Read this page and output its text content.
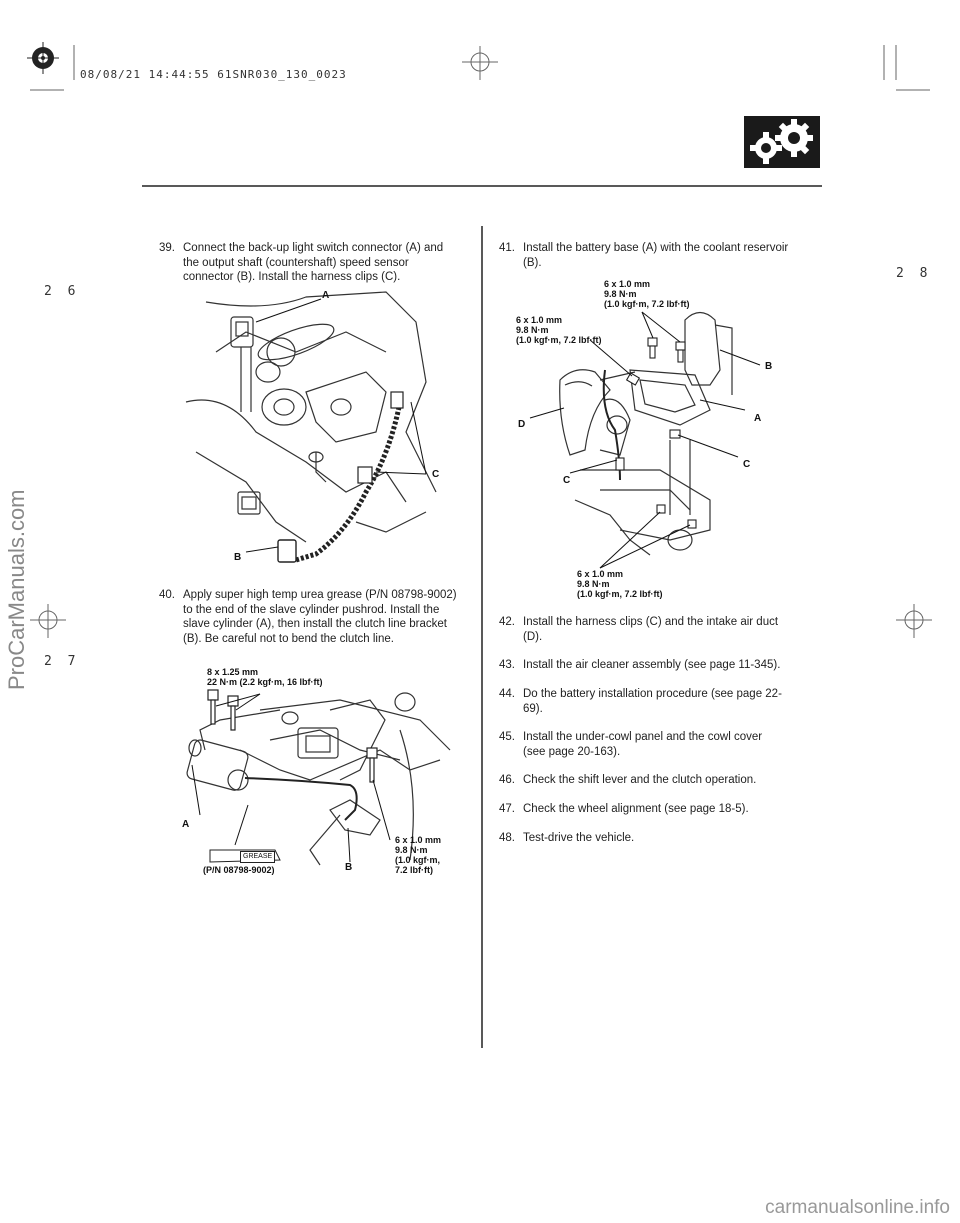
08/08/21 14:44:55 61SNR030_130_0023
2 6
2 7
2 8
39. Connect the back-up light switch connector (A) and the output shaft (countershaft) speed sensor connector (B). Install the harness clips (C).
A
C
B
40. Apply super high temp urea grease (P/N 08798-9002) to the end of the slave cylinder pushrod. Install the slave cylinder (A), then install the clutch line bracket (B). Be careful not to bend the clutch line.
8 x 1.25 mm
22 N·m (2.2 kgf·m, 16 lbf·ft)
GREASE
A
B
6 x 1.0 mm
9.8 N·m
(1.0 kgf·m,
7.2 lbf·ft)
(P/N 08798-9002)
41. Install the battery base (A) with the coolant reservoir (B).
6 x 1.0 mm
9.8 N·m
(1.0 kgf·m, 7.2 lbf·ft)
6 x 1.0 mm
9.8 N·m
(1.0 kgf·m, 7.2 lbf·ft)
B
A
D
C
C
6 x 1.0 mm
9.8 N·m
(1.0 kgf·m, 7.2 lbf·ft)
42. Install the harness clips (C) and the intake air duct (D).
43. Install the air cleaner assembly (see page 11-345).
44. Do the battery installation procedure (see page 22-69).
45. Install the under-cowl panel and the cowl cover (see page 20-163).
46. Check the shift lever and the clutch operation.
47. Check the wheel alignment (see page 18-5).
48. Test-drive the vehicle.
ProCarManuals.com
carmanualsonline.info
